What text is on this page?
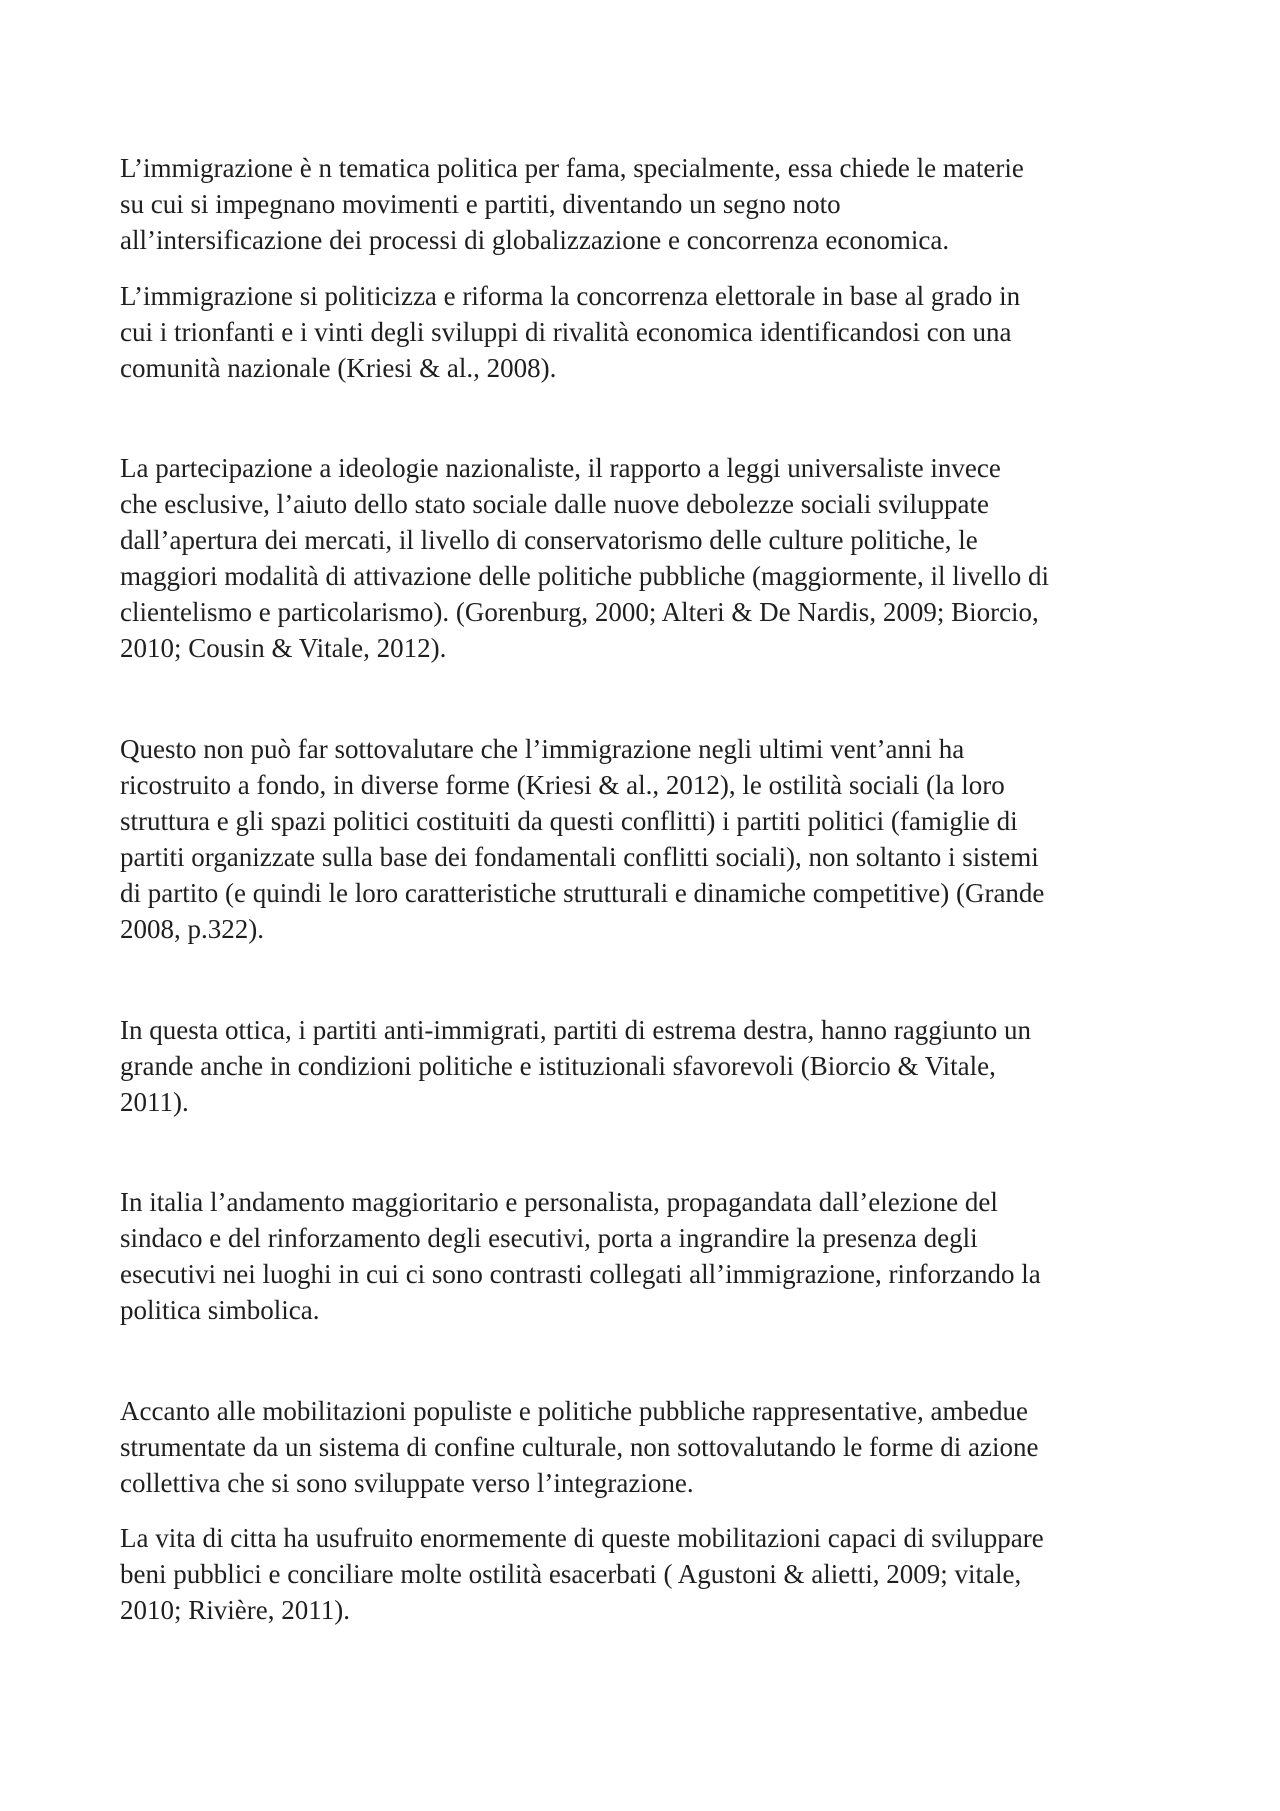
L’immigrazione è n tematica politica per fama, specialmente, essa chiede le materie
su cui si impegnano movimenti e partiti, diventando un segno noto
all’intersificazione dei processi di globalizzazione e concorrenza economica.

L’immigrazione si politicizza e riforma la concorrenza elettorale in base al grado in
cui i trionfanti e i vinti degli sviluppi di rivalità economica identificandosi con una
comunità nazionale (Kriesi & al., 2008).

La partecipazione a ideologie nazionaliste, il rapporto a leggi universaliste invece
che esclusive, l’aiuto dello stato sociale dalle nuove debolezze sociali sviluppate
dall’apertura dei mercati, il livello di conservatorismo delle culture politiche, le
maggiori modalità di attivazione delle politiche pubbliche (maggiormente, il livello di
clientelismo e particolarismo). (Gorenburg, 2000; Alteri & De Nardis, 2009; Biorcio,
2010; Cousin & Vitale, 2012).

Questo non può far sottovalutare che l’immigrazione negli ultimi vent’anni ha
ricostruito a fondo, in diverse forme (Kriesi & al., 2012), le ostilità sociali (la loro
struttura e gli spazi politici costituiti da questi conflitti) i partiti politici (famiglie di
partiti organizzate sulla base dei fondamentali conflitti sociali), non soltanto i sistemi
di partito (e quindi le loro caratteristiche strutturali e dinamiche competitive) (Grande
2008, p.322).

In questa ottica, i partiti anti-immigrati, partiti di estrema destra, hanno raggiunto un
grande anche in condizioni politiche e istituzionali sfavorevoli (Biorcio & Vitale,
2011).

In italia l’andamento maggioritario e personalista, propagandata dall’elezione del
sindaco e del rinforzamento degli esecutivi, porta a ingrandire la presenza degli
esecutivi nei luoghi in cui ci sono contrasti collegati all’immigrazione, rinforzando la
politica simbolica.

Accanto alle mobilitazioni populiste e politiche pubbliche rappresentative, ambedue
strumentate da un sistema di confine culturale, non sottovalutando le forme di azione
collettiva che si sono sviluppate verso l’integrazione.

La vita di citta ha usufruito enormemente di queste mobilitazioni capaci di sviluppare
beni pubblici e conciliare molte ostilità esacerbati ( Agustoni & alietti, 2009; vitale,
2010; Rivière, 2011).
